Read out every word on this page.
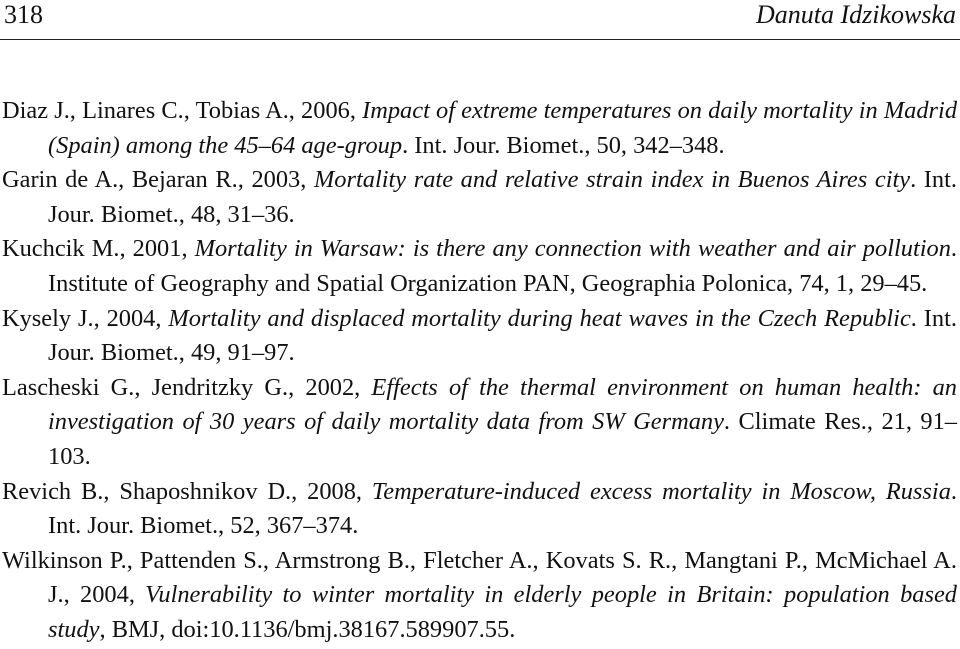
318	Danuta Idzikowska
Diaz J., Linares C., Tobias A., 2006, Impact of extreme temperatures on daily mortality in Madrid (Spain) among the 45–64 age-group. Int. Jour. Biomet., 50, 342–348.
Garin de A., Bejaran R., 2003, Mortality rate and relative strain index in Buenos Aires city. Int. Jour. Biomet., 48, 31–36.
Kuchcik M., 2001, Mortality in Warsaw: is there any connection with weather and air pollution. Institute of Geography and Spatial Organization PAN, Geographia Polonica, 74, 1, 29–45.
Kysely J., 2004, Mortality and displaced mortality during heat waves in the Czech Republic. Int. Jour. Biomet., 49, 91–97.
Lascheski G., Jendritzky G., 2002, Effects of the thermal environment on human health: an investigation of 30 years of daily mortality data from SW Germany. Climate Res., 21, 91–103.
Revich B., Shaposhnikov D., 2008, Temperature-induced excess mortality in Moscow, Russia. Int. Jour. Biomet., 52, 367–374.
Wilkinson P., Pattenden S., Armstrong B., Fletcher A., Kovats S. R., Mangtani P., McMichael A. J., 2004, Vulnerability to winter mortality in elderly people in Britain: population based study, BMJ, doi:10.1136/bmj.38167.589907.55.
